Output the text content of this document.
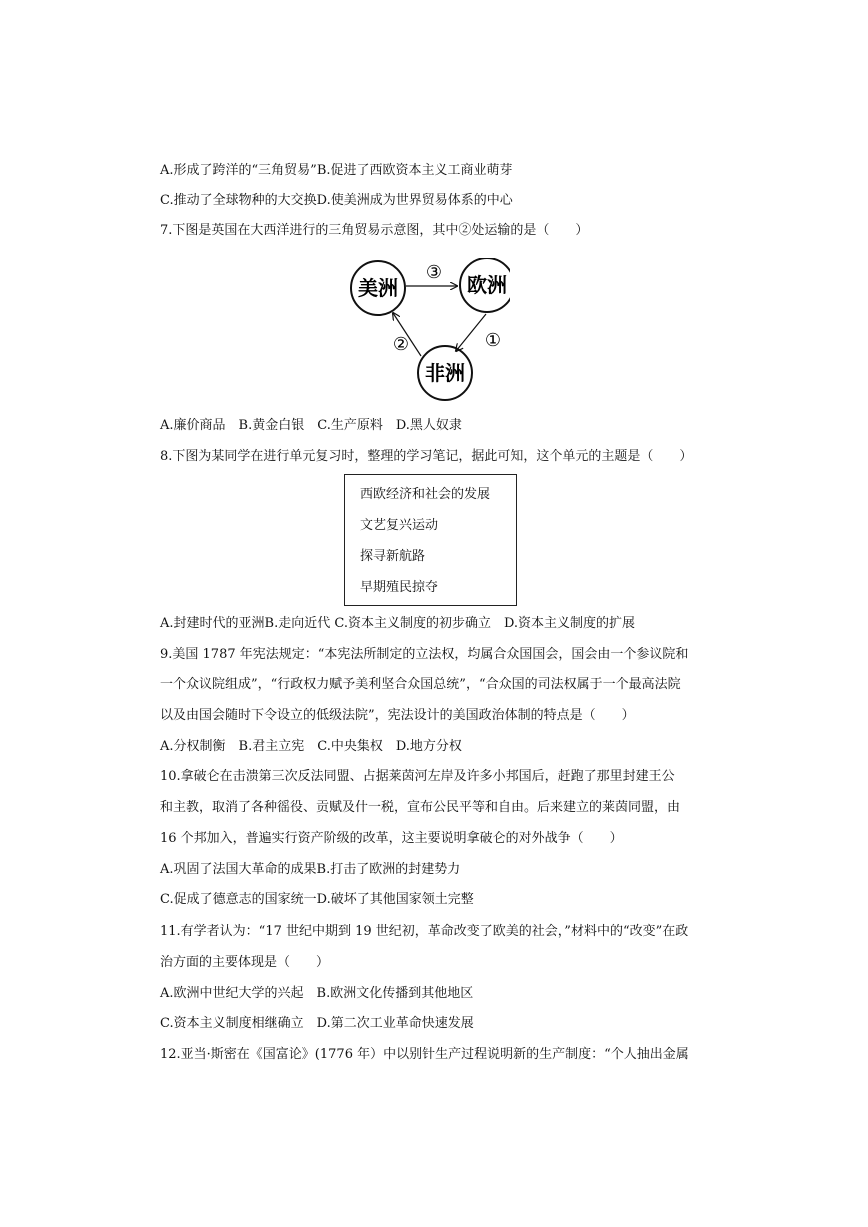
A.形成了跨洋的“三角贸易”B.促进了西欧资本主义工商业萌芽

C.推动了全球物种的大交换D.使美洲成为世界贸易体系的中心

7.下图是英国在大西洋进行的三角贸易示意图，其中②处运输的是（　　）

美洲	欧洲
非洲
③
①
②

A.廉价商品　B.黄金白银　C.生产原料　D.黑人奴隶

8.下图为某同学在进行单元复习时，整理的学习笔记，据此可知，这个单元的主题是（　　）

西欧经济和社会的发展

文艺复兴运动

探寻新航路

早期殖民掠夺

A.封建时代的亚洲B.走向近代 C.资本主义制度的初步确立　D.资本主义制度的扩展

9.美国 1787 年宪法规定：“本宪法所制定的立法权，均属合众国国会，国会由一个参议院和

一个众议院组成”，“行政权力赋予美利坚合众国总统”，“合众国的司法权属于一个最高法院

以及由国会随时下令设立的低级法院”，宪法设计的美国政治体制的特点是（　　）

A.分权制衡　B.君主立宪　C.中央集权　D.地方分权

10.拿破仑在击溃第三次反法同盟、占据莱茵河左岸及许多小邦国后，赶跑了那里封建王公

和主教，取消了各种徭役、贡赋及什一税，宣布公民平等和自由。后来建立的莱茵同盟，由

16 个邦加入，普遍实行资产阶级的改革，这主要说明拿破仑的对外战争（　　）

A.巩固了法国大革命的成果B.打击了欧洲的封建势力

C.促成了德意志的国家统一D.破坏了其他国家领土完整

11.有学者认为：“17 世纪中期到 19 世纪初，革命改变了欧美的社会，”材料中的“改变”在政

治方面的主要体现是（　　）

A.欧洲中世纪大学的兴起　B.欧洲文化传播到其他地区

C.资本主义制度相继确立　D.第二次工业革命快速发展

12.亚当·斯密在《国富论》(1776 年）中以别针生产过程说明新的生产制度：“个人抽出金属
